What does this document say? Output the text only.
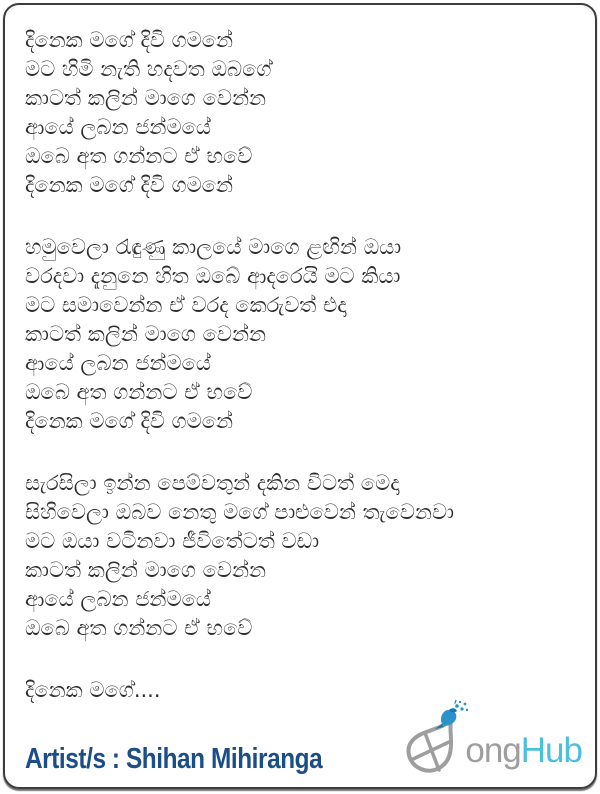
දිනෙක මගේ දිවි ගමනේ
මට හිමි නැති හදවත ඔබගේ
කාටත් කලින් මාගෙ වෙන්න
ආයේ ලබන ජන්මයේ
ඔබෙ අත ගන්නට ඒ භවේ
දිනෙක මගේ දිවි ගමනේ
හමුවෙලා රැඳුණු කාලයේ මාගෙ ළඟින් ඔයා
වරදවා දැනුනෙ හිත ඔබේ ආදරෙයි මට කියා
මට සමාවෙන්න ඒ වරද කෙරුවත් එදා
කාටත් කලින් මාගෙ වෙන්න
ආයේ ලබන ජන්මයේ
ඔබෙ අත ගන්නට ඒ භවේ
දිනෙක මගේ දිවි ගමනේ
සැරසිලා ඉන්න පෙම්වතුන් දකින විටත් මෙදා
සිහිවෙලා ඔබව නෙතු මගේ පාළුවෙන් තැවෙනවා
මට ඔයා වටිනවා ජීවිතේටත් වඩා
කාටත් කලින් මාගෙ වෙන්න
ආයේ ලබන ජන්මයේ
ඔබෙ අත ගන්නට ඒ භවේ
දිනෙක මගේ....
Artist/s : Shihan Mihiranga	ongHub
